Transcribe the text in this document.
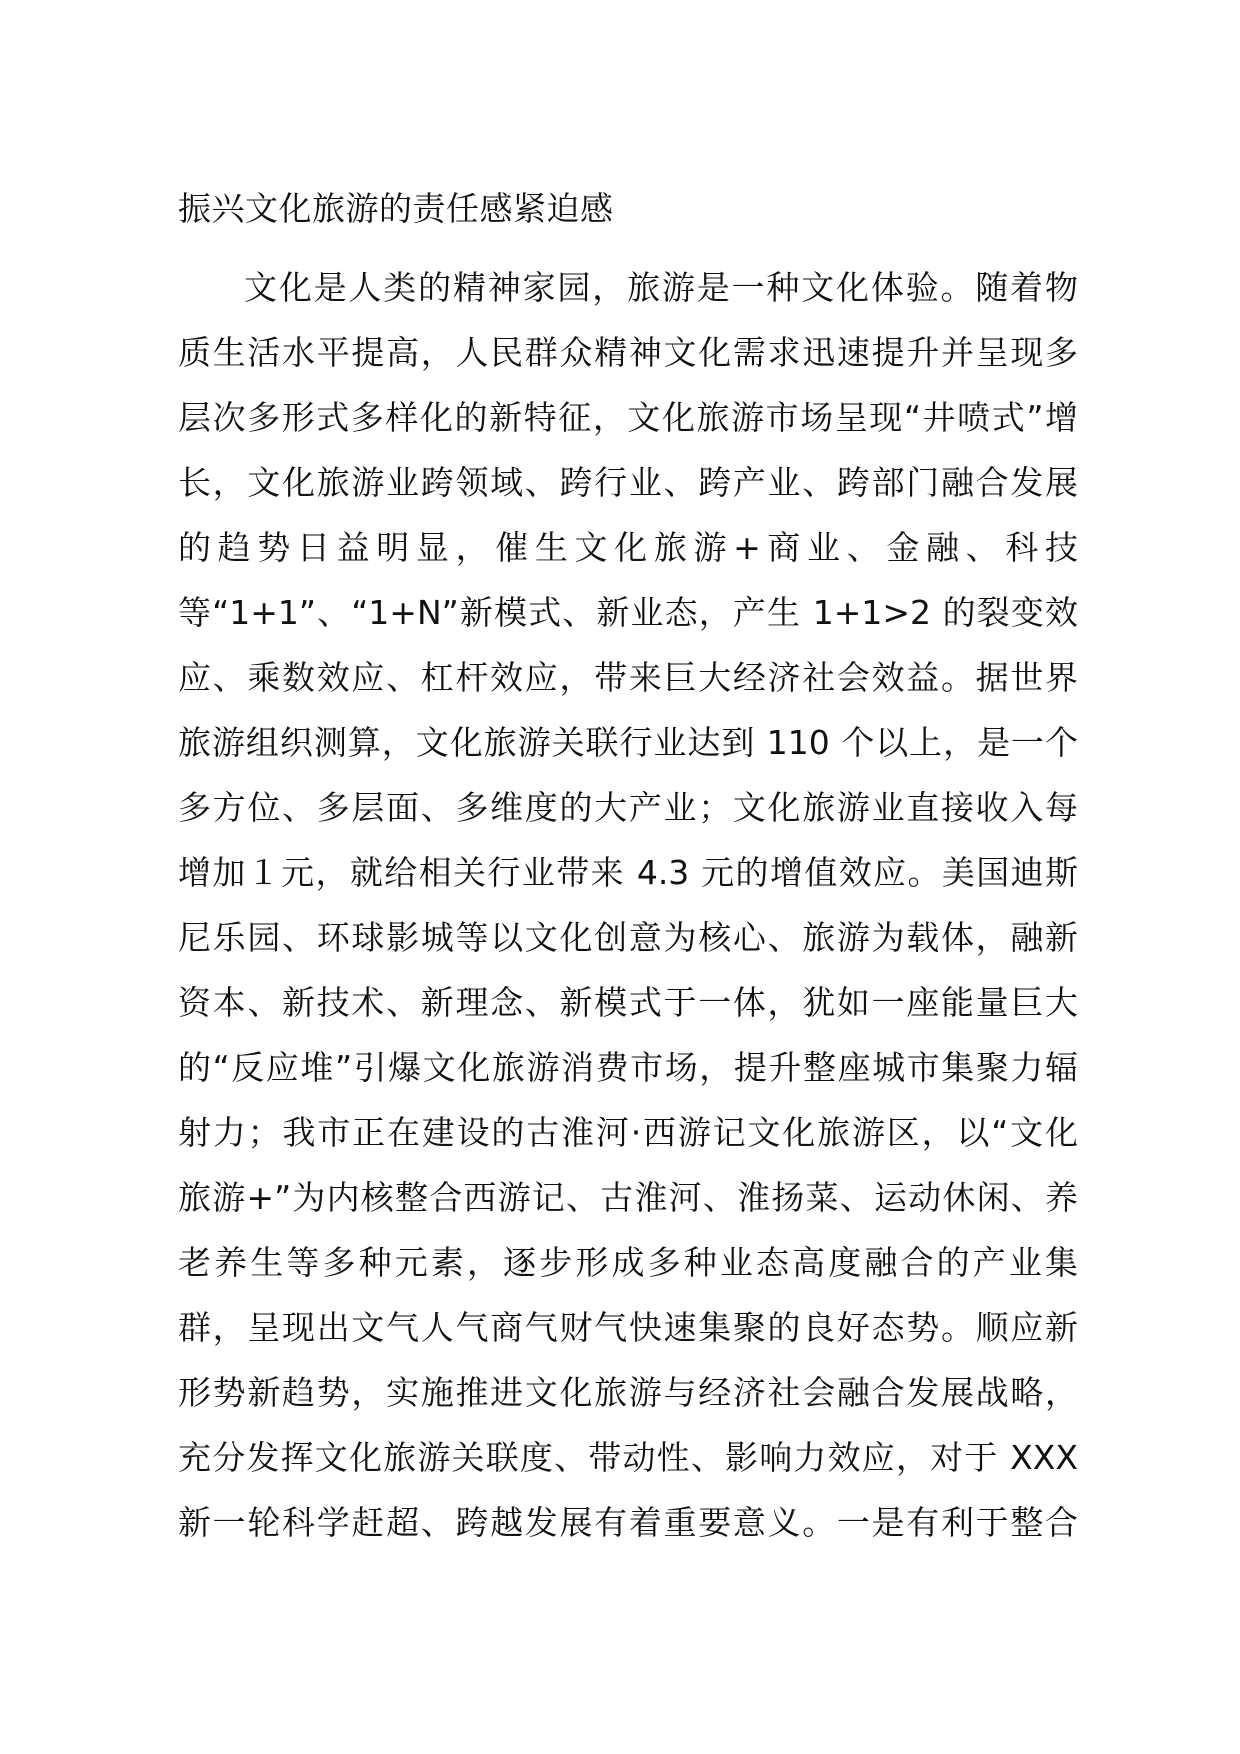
振兴文化旅游的责任感紧迫感
文化是人类的精神家园，旅游是一种文化体验。随着物
质生活水平提高，人民群众精神文化需求迅速提升并呈现多
层次多形式多样化的新特征，文化旅游市场呈现“井喷式”增
长，文化旅游业跨领域、跨行业、跨产业、跨部门融合发展
的趋势日益明显，催生文化旅游+商业、金融、科技
等“1+1”、“1+N”新模式、新业态，产生 1+1>2 的裂变效
应、乘数效应、杠杆效应，带来巨大经济社会效益。据世界
旅游组织测算，文化旅游关联行业达到 110 个以上，是一个
多方位、多层面、多维度的大产业；文化旅游业直接收入每
增加１元，就给相关行业带来 4.3 元的增值效应。美国迪斯
尼乐园、环球影城等以文化创意为核心、旅游为载体，融新
资本、新技术、新理念、新模式于一体，犹如一座能量巨大
的“反应堆”引爆文化旅游消费市场，提升整座城市集聚力辐
射力；我市正在建设的古淮河·西游记文化旅游区，以“文化
旅游+”为内核整合西游记、古淮河、淮扬菜、运动休闲、养
老养生等多种元素，逐步形成多种业态高度融合的产业集
群，呈现出文气人气商气财气快速集聚的良好态势。顺应新
形势新趋势，实施推进文化旅游与经济社会融合发展战略，
充分发挥文化旅游关联度、带动性、影响力效应，对于 XXX
新一轮科学赶超、跨越发展有着重要意义。一是有利于整合
